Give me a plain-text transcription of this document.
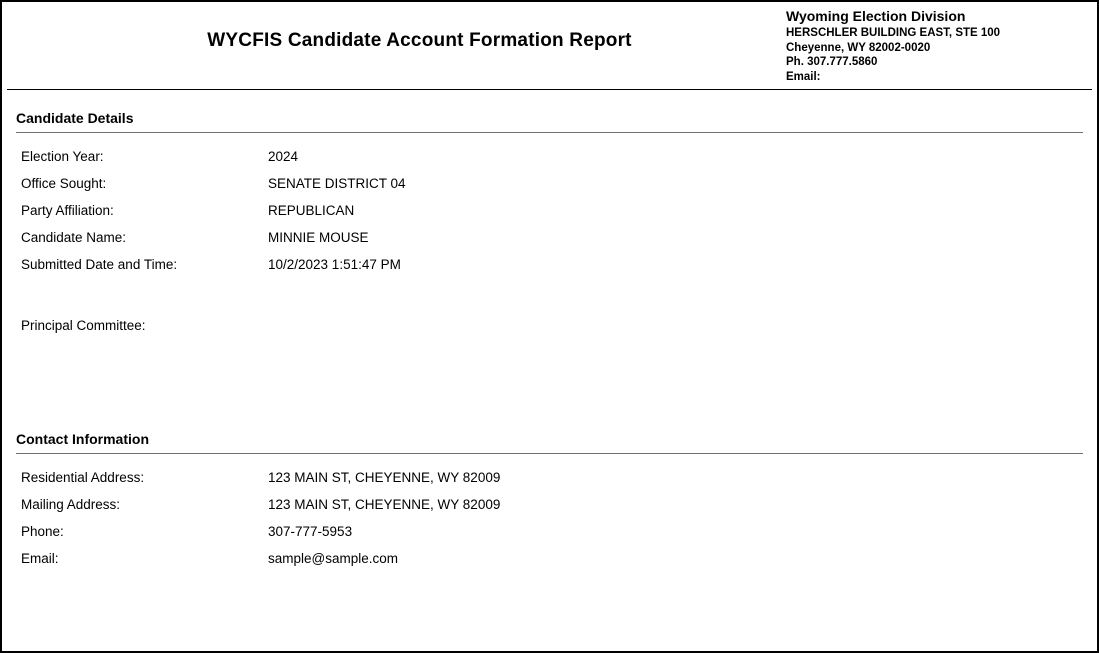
WYCFIS Candidate Account Formation Report
Wyoming Election Division
HERSCHLER BUILDING EAST, STE 100
Cheyenne, WY 82002-0020
Ph. 307.777.5860
Email:
Candidate Details
Election Year:	2024
Office Sought:	SENATE DISTRICT 04
Party Affiliation:	REPUBLICAN
Candidate Name:	MINNIE MOUSE
Submitted Date and Time:	10/2/2023 1:51:47 PM
Principal Committee:
Contact Information
Residential Address:	123 MAIN ST, CHEYENNE, WY 82009
Mailing Address:	123 MAIN ST, CHEYENNE, WY 82009
Phone:	307-777-5953
Email:	sample@sample.com
